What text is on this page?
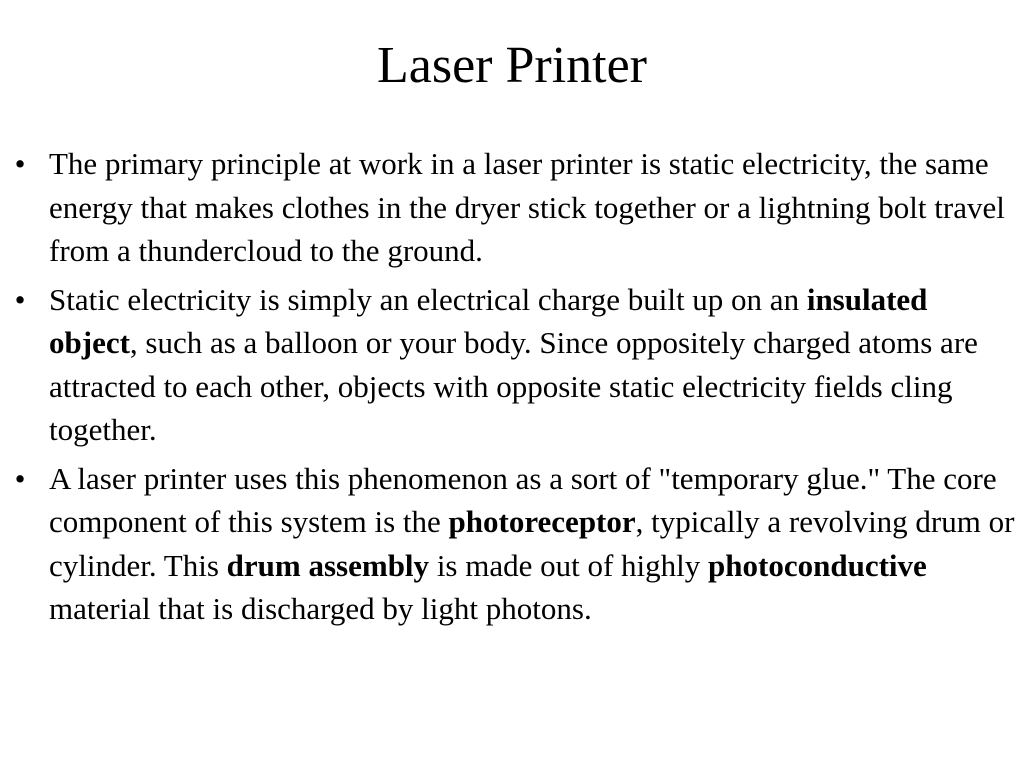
Laser Printer
• The primary principle at work in a laser printer is static electricity, the same energy that makes clothes in the dryer stick together or a lightning bolt travel from a thundercloud to the ground.
• Static electricity is simply an electrical charge built up on an insulated object, such as a balloon or your body. Since oppositely charged atoms are attracted to each other, objects with opposite static electricity fields cling together.
• A laser printer uses this phenomenon as a sort of "temporary glue." The core component of this system is the photoreceptor, typically a revolving drum or cylinder. This drum assembly is made out of highly photoconductive material that is discharged by light photons.
